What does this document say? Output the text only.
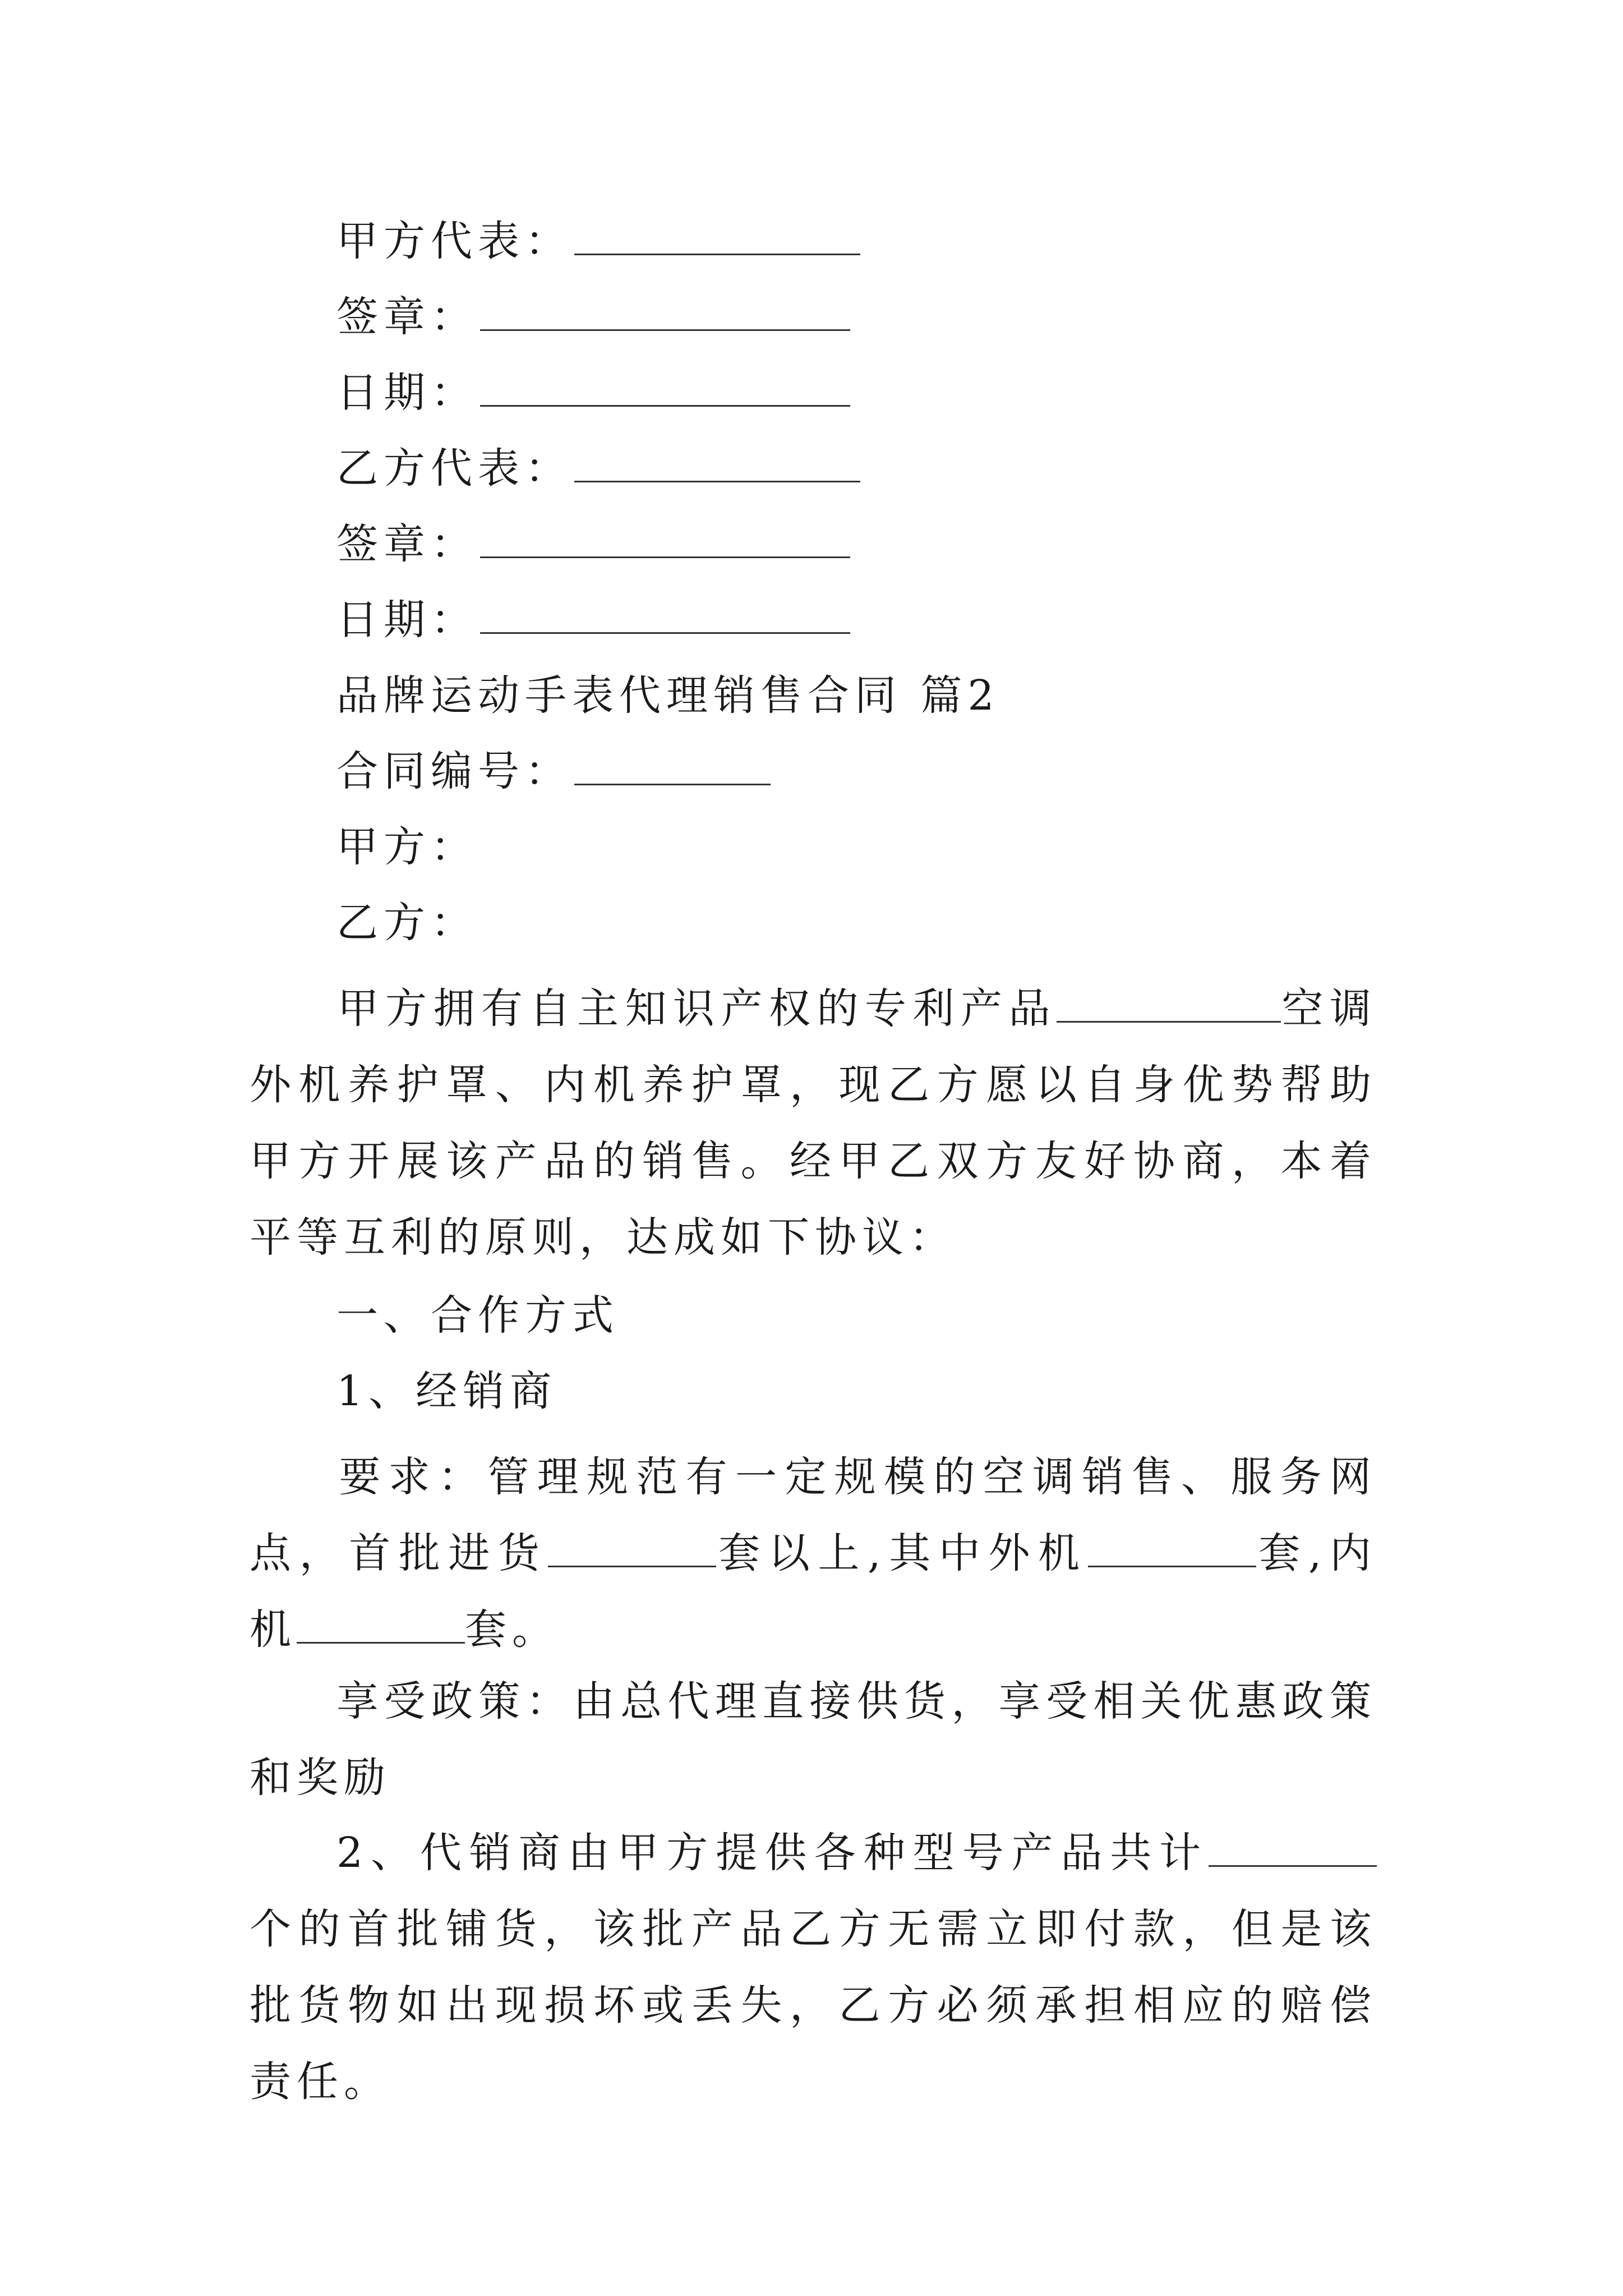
甲方代表：
签章：
日期：
乙方代表：
签章：
日期：
品牌运动手表代理销售合同 篇2
合同编号：
甲方：
乙方：
甲方拥有自主知识产权的专利产品	空调外机养护罩、内机养护罩，现乙方愿以自身优势帮助甲方开展该产品的销售。经甲乙双方友好协商，本着平等互利的原则，达成如下协议：
一、合作方式
1、经销商
要求：管理规范有一定规模的空调销售、服务网点，首批进货	套以上,其中外机	套,内机	套。
享受政策：由总代理直接供货，享受相关优惠政策和奖励
2、代销商由甲方提供各种型号产品共计个的首批铺货，该批产品乙方无需立即付款，但是该批货物如出现损坏或丢失，乙方必须承担相应的赔偿责任。
